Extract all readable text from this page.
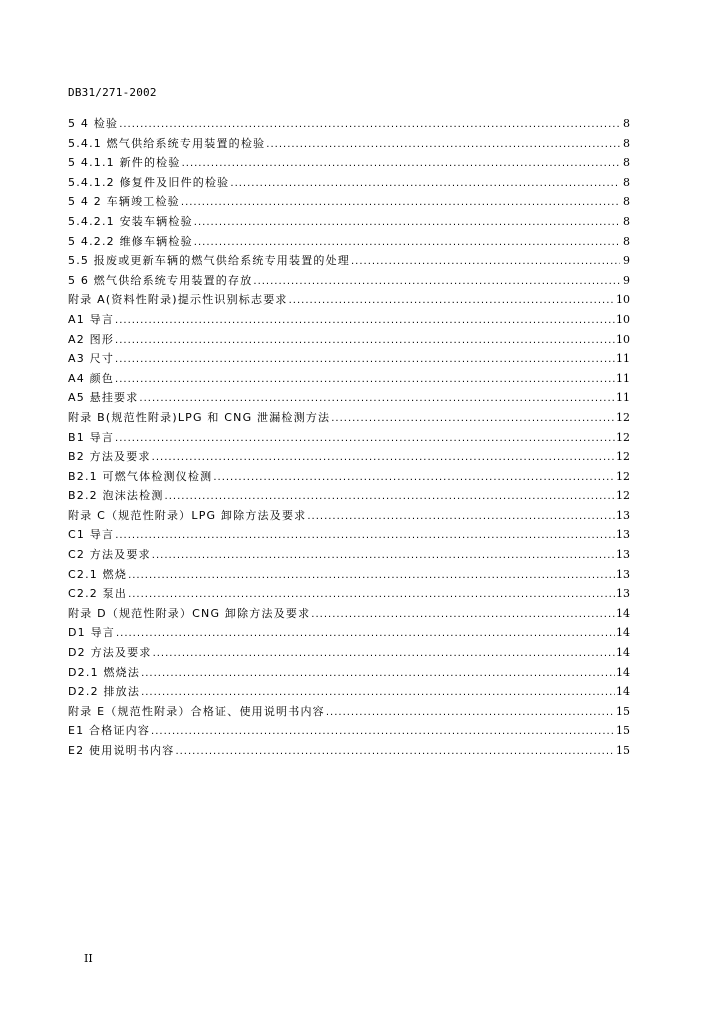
DB31/271-2002
5 4 检验 .....	8
5.4.1 燃气供给系统专用装置的检验 .....	8
5 4.1.1 新件的检验 .....	8
5.4.1.2 修复件及旧件的检验 .....	8
5 4 2 车辆竣工检验 .....	8
5.4.2.1 安装车辆检验 .....	8
5 4.2.2 维修车辆检验 .....	8
5.5 报废或更新车辆的燃气供给系统专用装置的处理 .....	9
5 6 燃气供给系统专用装置的存放 .....	9
附录 A(资料性附录)提示性识别标志要求 .....	10
A1 导言 .....	10
A2 图形 .....	10
A3 尺寸 .....	11
A4 颜色 .....	11
A5 悬挂要求 .....	11
附录 B(规范性附录)LPG 和 CNG 泄漏检测方法 .....	12
B1 导言 .....	12
B2 方法及要求 .....	12
B2.1 可燃气体检测仪检测 .....	12
B2.2 泡沫法检测 .....	12
附录 C（规范性附录）LPG 卸除方法及要求 .....	13
C1 导言 .....	13
C2 方法及要求 .....	13
C2.1 燃烧 .....	13
C2.2 泵出 .....	13
附录 D（规范性附录）CNG 卸除方法及要求 .....	14
D1 导言 .....	14
D2 方法及要求 .....	14
D2.1 燃烧法 .....	14
D2.2 排放法 .....	14
附录 E（规范性附录）合格证、使用说明书内容 .....	15
E1 合格证内容 .....	15
E2 使用说明书内容 .....	15
II
